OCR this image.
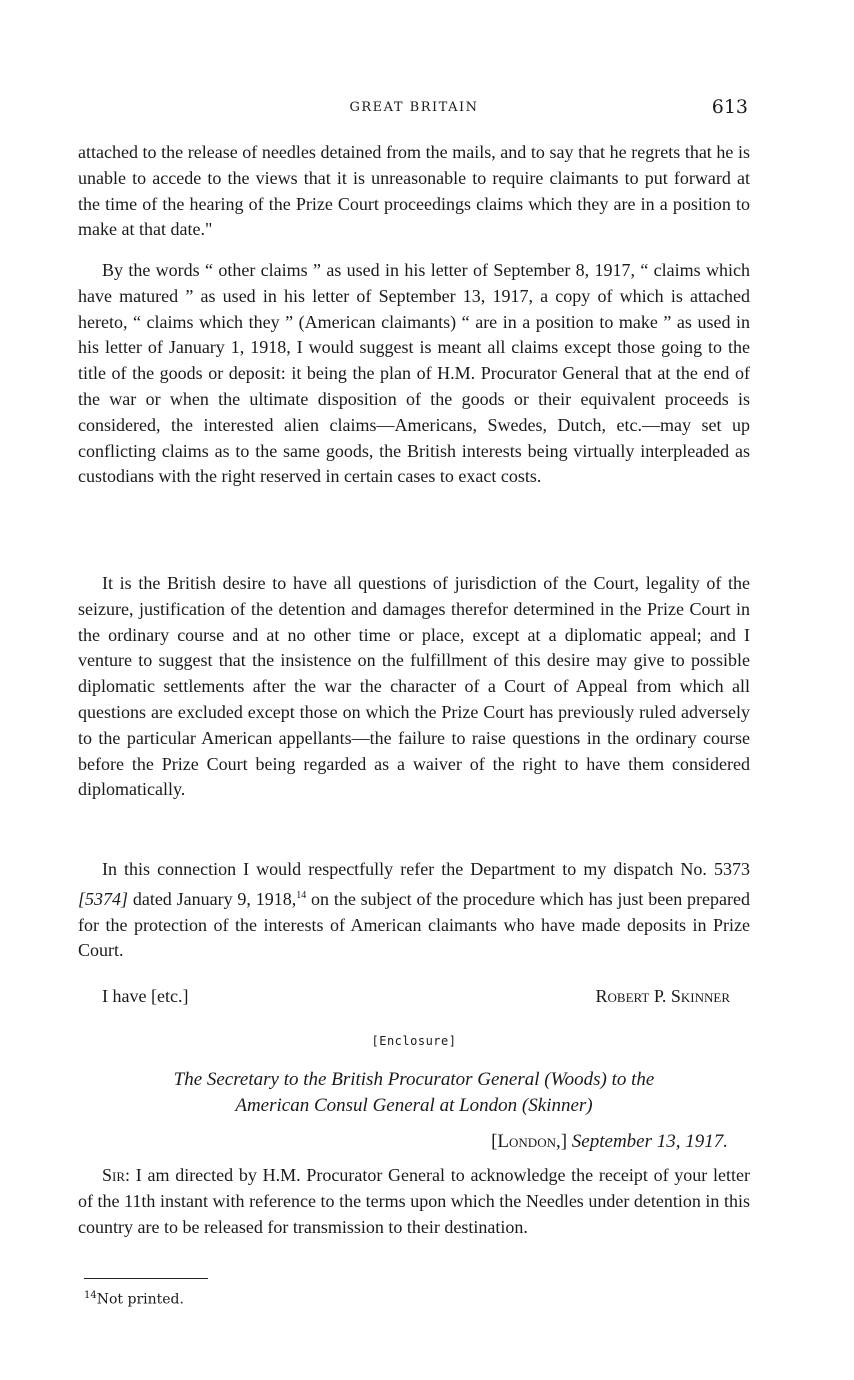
GREAT BRITAIN	613
attached to the release of needles detained from the mails, and to say that he regrets that he is unable to accede to the views that it is unreasonable to require claimants to put forward at the time of the hearing of the Prize Court proceedings claims which they are in a position to make at that date."
By the words “ other claims ” as used in his letter of September 8, 1917, “ claims which have matured ” as used in his letter of September 13, 1917, a copy of which is attached hereto, “ claims which they ” (American claimants) “ are in a position to make ” as used in his letter of January 1, 1918, I would suggest is meant all claims except those going to the title of the goods or deposit: it being the plan of H.M. Procurator General that at the end of the war or when the ultimate disposition of the goods or their equivalent proceeds is considered, the interested alien claims—Americans, Swedes, Dutch, etc.—may set up conflicting claims as to the same goods, the British interests being virtually interpleaded as custodians with the right reserved in certain cases to exact costs.
It is the British desire to have all questions of jurisdiction of the Court, legality of the seizure, justification of the detention and damages therefor determined in the Prize Court in the ordinary course and at no other time or place, except at a diplomatic appeal; and I venture to suggest that the insistence on the fulfillment of this desire may give to possible diplomatic settlements after the war the character of a Court of Appeal from which all questions are excluded except those on which the Prize Court has previously ruled adversely to the particular American appellants—the failure to raise questions in the ordinary course before the Prize Court being regarded as a waiver of the right to have them considered diplomatically.
In this connection I would respectfully refer the Department to my dispatch No. 5373 [5374] dated January 9, 1918,14 on the subject of the procedure which has just been prepared for the protection of the interests of American claimants who have made deposits in Prize Court.
I have [etc.]	Robert P. Skinner
[Enclosure]
The Secretary to the British Procurator General (Woods) to the
American Consul General at London (Skinner)
[London,] September 13, 1917.
Sir: I am directed by H.M. Procurator General to acknowledge the receipt of your letter of the 11th instant with reference to the terms upon which the Needles under detention in this country are to be released for transmission to their destination.
$^{14}$Not printed.
